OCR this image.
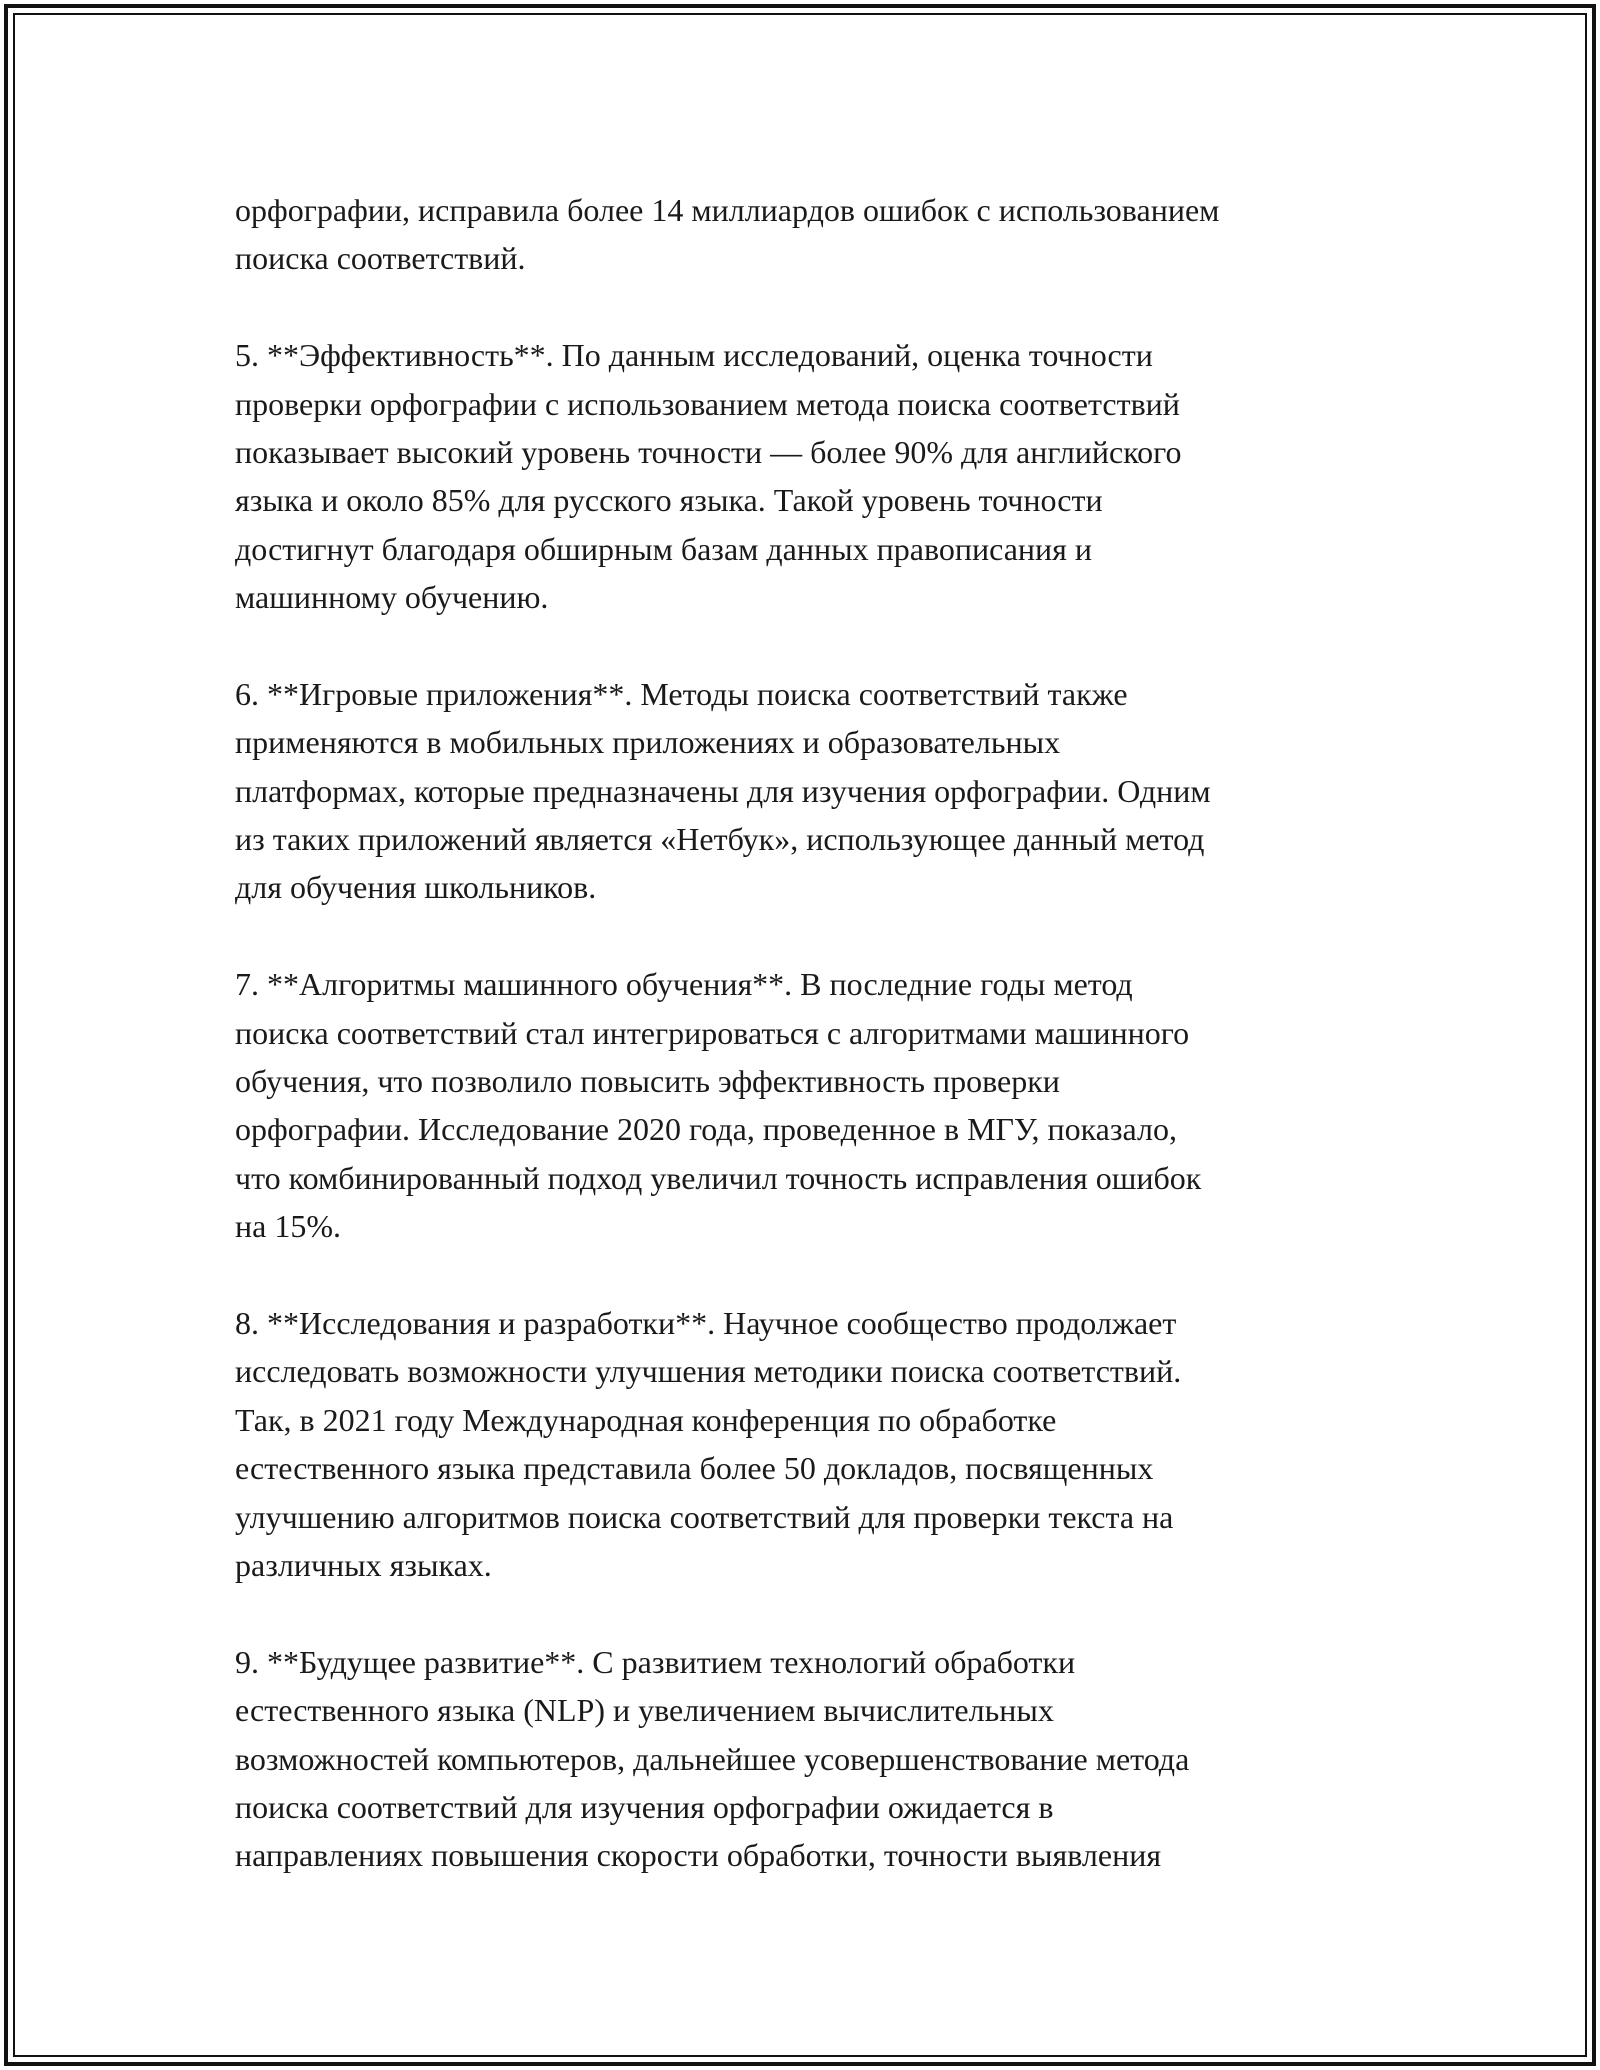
орфографии, исправила более 14 миллиардов ошибок с использованием
поиска соответствий.
5. **Эффективность**. По данным исследований, оценка точности
проверки орфографии с использованием метода поиска соответствий
показывает высокий уровень точности — более 90% для английского
языка и около 85% для русского языка. Такой уровень точности
достигнут благодаря обширным базам данных правописания и
машинному обучению.
6. **Игровые приложения**. Методы поиска соответствий также
применяются в мобильных приложениях и образовательных
платформах, которые предназначены для изучения орфографии. Одним
из таких приложений является «Нетбук», использующее данный метод
для обучения школьников.
7. **Алгоритмы машинного обучения**. В последние годы метод
поиска соответствий стал интегрироваться с алгоритмами машинного
обучения, что позволило повысить эффективность проверки
орфографии. Исследование 2020 года, проведенное в МГУ, показало,
что комбинированный подход увеличил точность исправления ошибок
на 15%.
8. **Исследования и разработки**. Научное сообщество продолжает
исследовать возможности улучшения методики поиска соответствий.
Так, в 2021 году Международная конференция по обработке
естественного языка представила более 50 докладов, посвященных
улучшению алгоритмов поиска соответствий для проверки текста на
различных языках.
9. **Будущее развитие**. С развитием технологий обработки
естественного языка (NLP) и увеличением вычислительных
возможностей компьютеров, дальнейшее усовершенствование метода
поиска соответствий для изучения орфографии ожидается в
направлениях повышения скорости обработки, точности выявления
